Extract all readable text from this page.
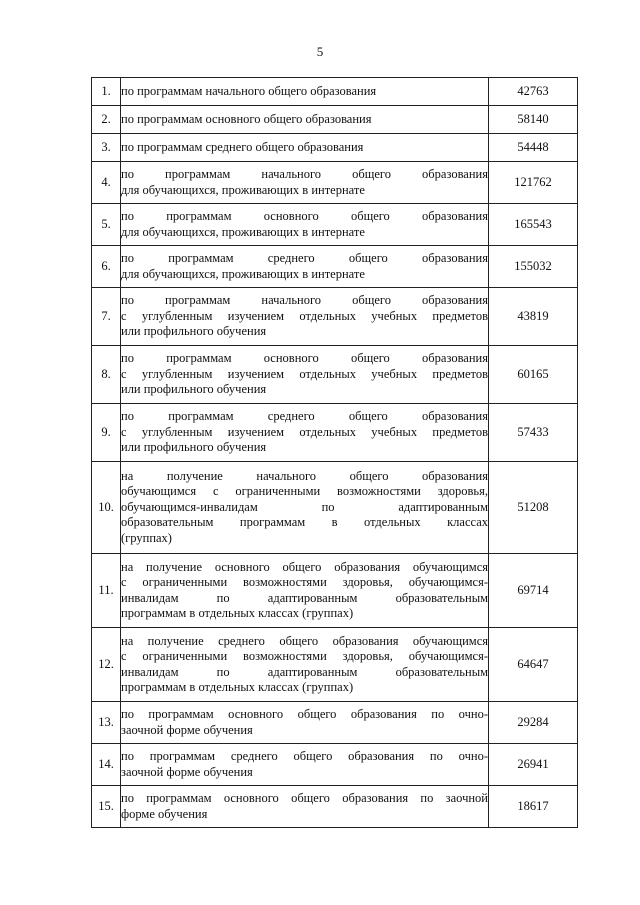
5
1.	по программам начального общего образования	42763
2.	по программам основного общего образования	58140
3.	по программам среднего общего образования	54448
4.	по программам начального общего образования
для обучающихся, проживающих в интернате	121762
5.	по программам основного общего образования
для обучающихся, проживающих в интернате	165543
6.	по программам среднего общего образования
для обучающихся, проживающих в интернате	155032
7.	по программам начального общего образования
с углубленным изучением отдельных учебных предметов
или профильного обучения	43819
8.	по программам основного общего образования
с углубленным изучением отдельных учебных предметов
или профильного обучения	60165
9.	по программам среднего общего образования
с углубленным изучением отдельных учебных предметов
или профильного обучения	57433
10.	на получение начального общего образования
обучающимся с ограниченными возможностями здоровья,
обучающимся-инвалидам по адаптированным
образовательным программам в отдельных классах
(группах)	51208
11.	на получение основного общего образования обучающимся
с ограниченными возможностями здоровья, обучающимся-
инвалидам по адаптированным образовательным
программам в отдельных классах (группах)	69714
12.	на получение среднего общего образования обучающимся
с ограниченными возможностями здоровья, обучающимся-
инвалидам по адаптированным образовательным
программам в отдельных классах (группах)	64647
13.	по программам основного общего образования по очно-
заочной форме обучения	29284
14.	по программам среднего общего образования по очно-
заочной форме обучения	26941
15.	по программам основного общего образования по заочной
форме обучения	18617
